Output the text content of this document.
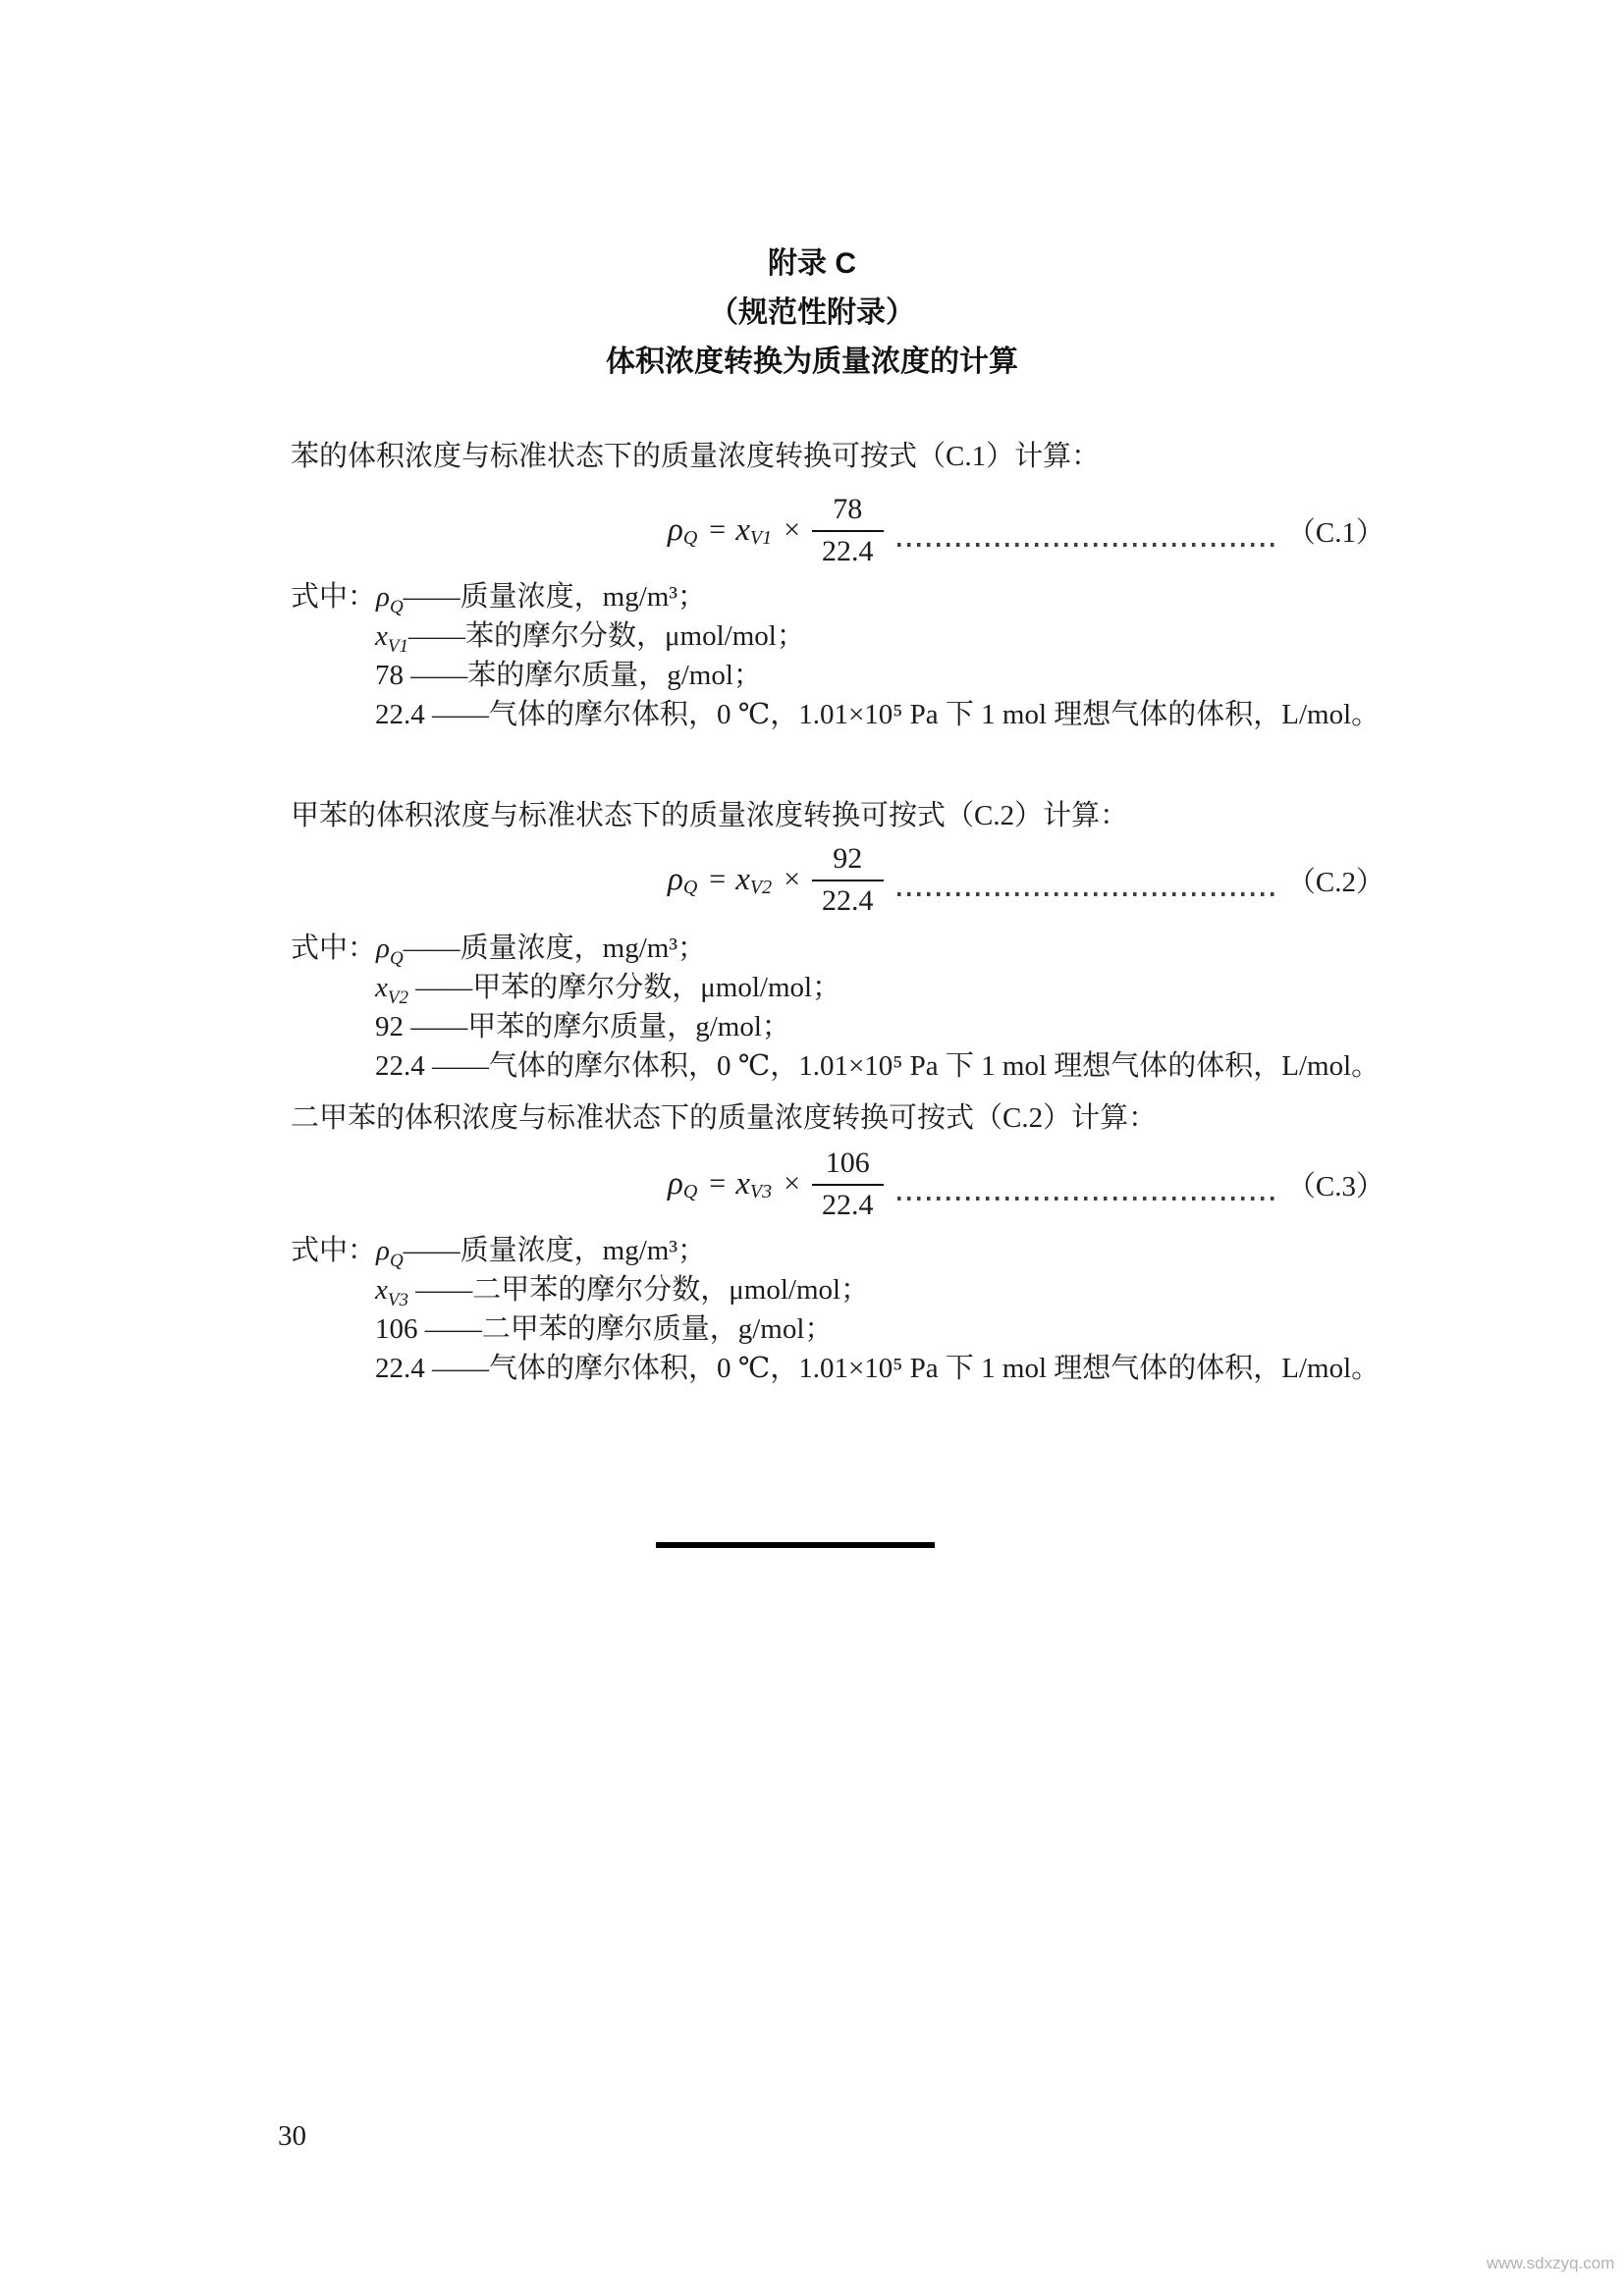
附录 C
（规范性附录）
体积浓度转换为质量浓度的计算
苯的体积浓度与标准状态下的质量浓度转换可按式（C.1）计算：
$\rho_Q = x_{V1} \times \frac{78}{22.4}$	（C.1）
式中：$\rho_Q——$质量浓度，mg/m³；
$x_{V1}——$苯的摩尔分数，μmol/mol；
78 ——苯的摩尔质量，g/mol；
22.4 ——气体的摩尔体积，0 ℃，1.01×10⁵ Pa 下 1 mol 理想气体的体积，L/mol。
甲苯的体积浓度与标准状态下的质量浓度转换可按式（C.2）计算：
$\rho_Q = x_{V2} \times \frac{92}{22.4}$	（C.2）
式中：$\rho_Q——$质量浓度，mg/m³；
$x_{V2}$ ——甲苯的摩尔分数，μmol/mol；
92 ——甲苯的摩尔质量，g/mol；
22.4 ——气体的摩尔体积，0 ℃，1.01×10⁵ Pa 下 1 mol 理想气体的体积，L/mol。
二甲苯的体积浓度与标准状态下的质量浓度转换可按式（C.2）计算：
$\rho_Q = x_{V3} \times \frac{106}{22.4}$	（C.3）
式中：$\rho_Q——$质量浓度，mg/m³；
$x_{V3}$ ——二甲苯的摩尔分数，μmol/mol；
106 ——二甲苯的摩尔质量，g/mol；
22.4 ——气体的摩尔体积，0 ℃，1.01×10⁵ Pa 下 1 mol 理想气体的体积，L/mol。
30
www.sdxzyq.com
